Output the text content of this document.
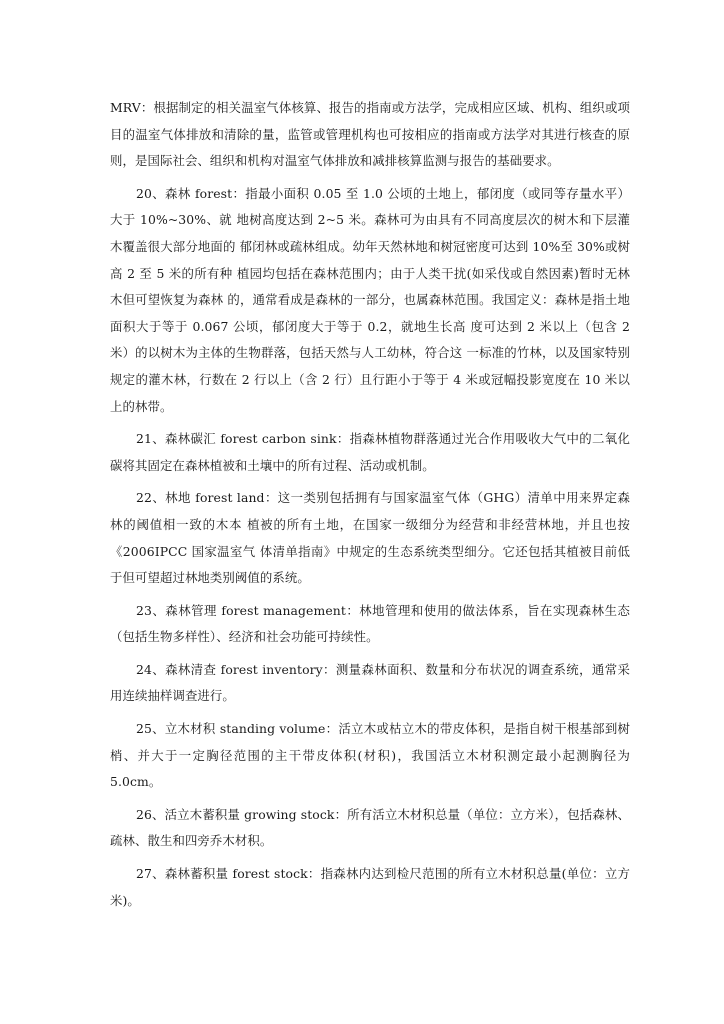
MRV：根据制定的相关温室气体核算、报告的指南或方法学，完成相应区域、机构、组织或项目的温室气体排放和清除的量，监管或管理机构也可按相应的指南或方法学对其进行核查的原则，是国际社会、组织和机构对温室气体排放和减排核算监测与报告的基础要求。

20、森林 forest：指最小面积 0.05 至 1.0 公顷的土地上，郁闭度（或同等存量水平）大于 10%~30%、就 地树高度达到 2~5 米。森林可为由具有不同高度层次的树木和下层灌木覆盖很大部分地面的 郁闭林或疏林组成。幼年天然林地和树冠密度可达到 10%至 30%或树高 2 至 5 米的所有种 植园均包括在森林范围内；由于人类干扰(如采伐或自然因素)暂时无林木但可望恢复为森林 的，通常看成是森林的一部分，也属森林范围。我国定义：森林是指土地面积大于等于 0.067 公顷，郁闭度大于等于 0.2，就地生长高 度可达到 2 米以上（包含 2 米）的以树木为主体的生物群落，包括天然与人工幼林，符合这 一标准的竹林，以及国家特别规定的灌木林，行数在 2 行以上（含 2 行）且行距小于等于 4 米或冠幅投影宽度在 10 米以上的林带。

21、森林碳汇 forest carbon sink：指森林植物群落通过光合作用吸收大气中的二氧化碳将其固定在森林植被和土壤中的所有过程、活动或机制。

22、林地 forest land：这一类别包括拥有与国家温室气体（GHG）清单中用来界定森林的阈值相一致的木本 植被的所有土地，在国家一级细分为经营和非经营林地，并且也按《2006IPCC 国家温室气 体清单指南》中规定的生态系统类型细分。它还包括其植被目前低于但可望超过林地类别阈值的系统。

23、森林管理 forest management：林地管理和使用的做法体系，旨在实现森林生态（包括生物多样性）、经济和社会功能可持续性。

24、森林清查 forest inventory：测量森林面积、数量和分布状况的调查系统，通常采用连续抽样调查进行。

25、立木材积 standing volume：活立木或枯立木的带皮体积，是指自树干根基部到树梢、并大于一定胸径范围的主干带皮体积(材积)，我国活立木材积测定最小起测胸径为5.0cm。

26、活立木蓄积量 growing stock：所有活立木材积总量（单位：立方米），包括森林、疏林、散生和四旁乔木材积。

27、森林蓄积量 forest stock：指森林内达到检尺范围的所有立木材积总量(单位：立方米)。
